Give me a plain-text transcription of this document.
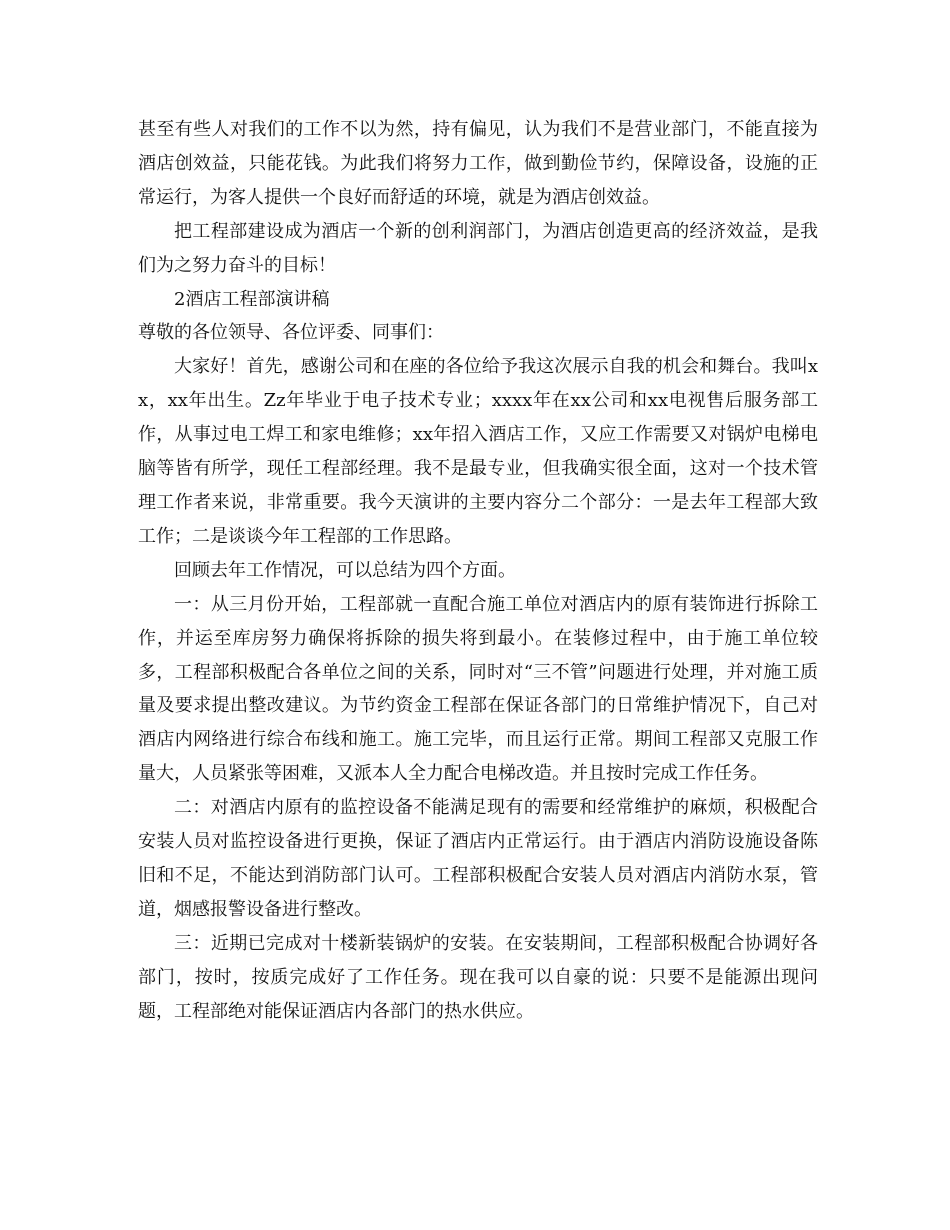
甚至有些人对我们的工作不以为然，持有偏见，认为我们不是营业部门，不能直接为酒店创效益，只能花钱。为此我们将努力工作，做到勤俭节约，保障设备，设施的正常运行，为客人提供一个良好而舒适的环境，就是为酒店创效益。

把工程部建设成为酒店一个新的创利润部门，为酒店创造更高的经济效益，是我们为之努力奋斗的目标！

2酒店工程部演讲稿

尊敬的各位领导、各位评委、同事们：

大家好！首先，感谢公司和在座的各位给予我这次展示自我的机会和舞台。我叫xx，xx年出生。Zz年毕业于电子技术专业；xxxx年在xx公司和xx电视售后服务部工作，从事过电工焊工和家电维修；xx年招入酒店工作，又应工作需要又对锅炉电梯电脑等皆有所学，现任工程部经理。我不是最专业，但我确实很全面，这对一个技术管理工作者来说，非常重要。我今天演讲的主要内容分二个部分：一是去年工程部大致工作；二是谈谈今年工程部的工作思路。

回顾去年工作情况，可以总结为四个方面。

一：从三月份开始，工程部就一直配合施工单位对酒店内的原有装饰进行拆除工作，并运至库房努力确保将拆除的损失将到最小。在装修过程中，由于施工单位较多，工程部积极配合各单位之间的关系，同时对“三不管”问题进行处理，并对施工质量及要求提出整改建议。为节约资金工程部在保证各部门的日常维护情况下，自己对酒店内网络进行综合布线和施工。施工完毕，而且运行正常。期间工程部又克服工作量大，人员紧张等困难，又派本人全力配合电梯改造。并且按时完成工作任务。

二：对酒店内原有的监控设备不能满足现有的需要和经常维护的麻烦，积极配合安装人员对监控设备进行更换，保证了酒店内正常运行。由于酒店内消防设施设备陈旧和不足，不能达到消防部门认可。工程部积极配合安装人员对酒店内消防水泵，管道，烟感报警设备进行整改。

三：近期已完成对十楼新装锅炉的安装。在安装期间，工程部积极配合协调好各部门，按时，按质完成好了工作任务。现在我可以自豪的说：只要不是能源出现问题，工程部绝对能保证酒店内各部门的热水供应。
